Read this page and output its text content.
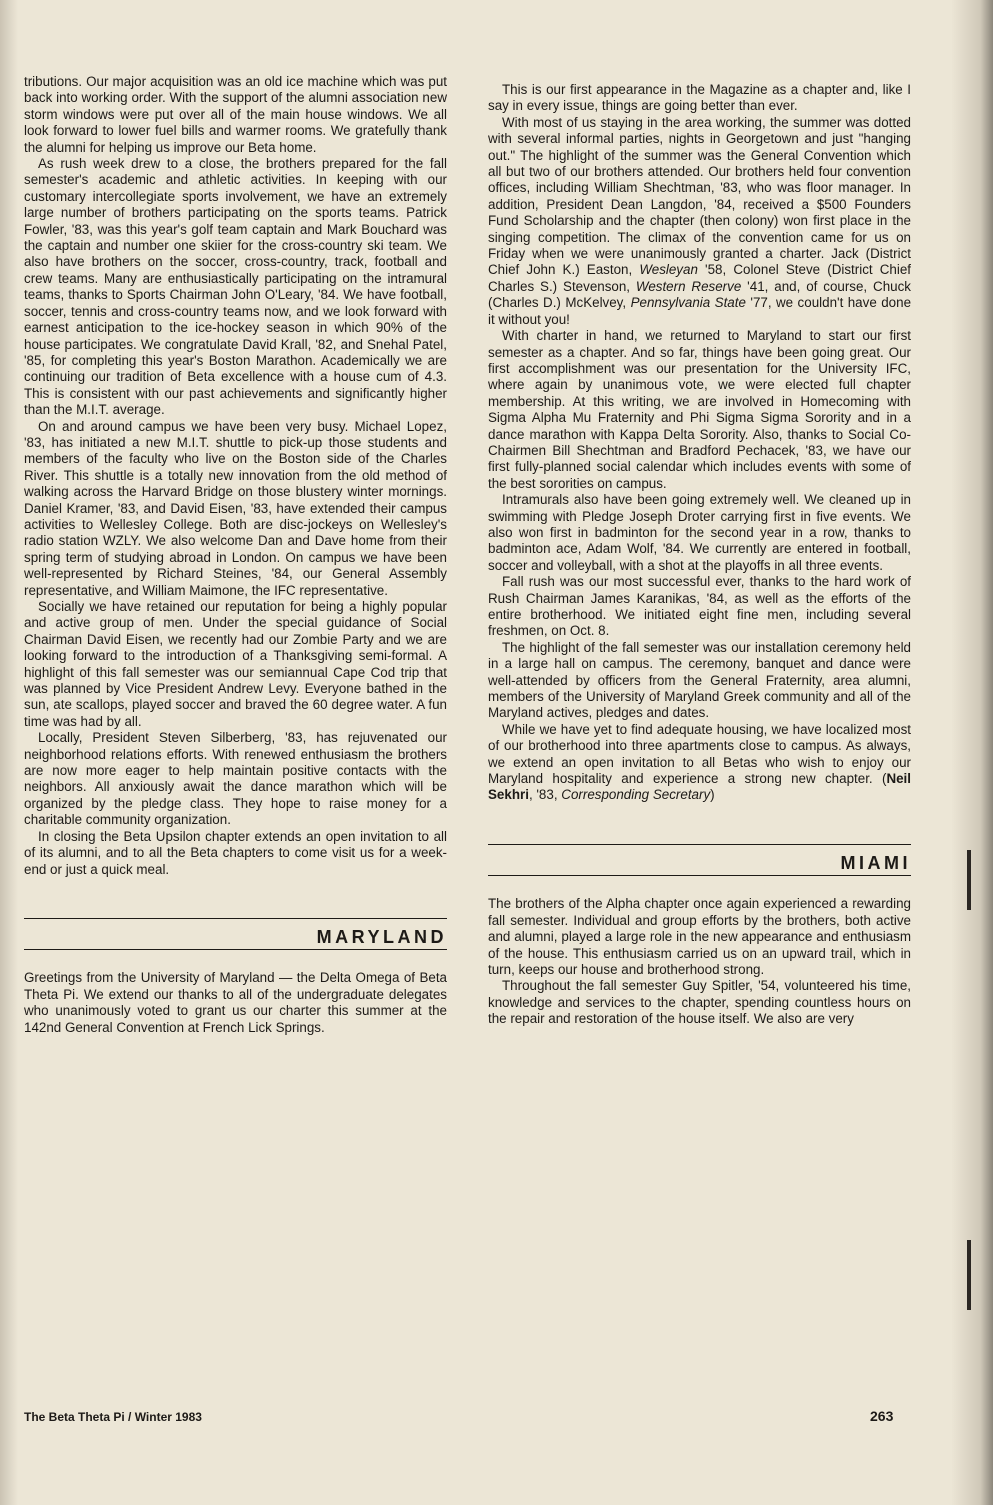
tributions. Our major acquisition was an old ice machine which was put back into working order. With the support of the alumni association new storm windows were put over all of the main house windows. We all look forward to lower fuel bills and warmer rooms. We gratefully thank the alumni for helping us improve our Beta home.

As rush week drew to a close, the brothers prepared for the fall semester's academic and athletic activities. In keeping with our customary intercollegiate sports involvement, we have an extremely large number of brothers participating on the sports teams. Patrick Fowler, '83, was this year's golf team captain and Mark Bouchard was the captain and number one skiier for the cross-country ski team. We also have brothers on the soccer, cross-country, track, football and crew teams. Many are enthusiastically participating on the intramural teams, thanks to Sports Chairman John O'Leary, '84. We have football, soccer, tennis and cross-country teams now, and we look forward with earnest anticipation to the ice-hockey season in which 90% of the house participates. We congratulate David Krall, '82, and Snehal Patel, '85, for completing this year's Boston Marathon. Academically we are continuing our tradition of Beta excellence with a house cum of 4.3. This is consistent with our past achievements and significantly higher than the M.I.T. average.

On and around campus we have been very busy. Michael Lopez, '83, has initiated a new M.I.T. shuttle to pick-up those students and members of the faculty who live on the Boston side of the Charles River. This shuttle is a totally new innovation from the old method of walking across the Harvard Bridge on those blustery winter mornings. Daniel Kramer, '83, and David Eisen, '83, have extended their campus activities to Wellesley College. Both are disc-jockeys on Wellesley's radio station WZLY. We also welcome Dan and Dave home from their spring term of studying abroad in London. On campus we have been well-represented by Richard Steines, '84, our General Assembly representative, and William Maimone, the IFC representative.

Socially we have retained our reputation for being a highly popular and active group of men. Under the special guidance of Social Chairman David Eisen, we recently had our Zombie Party and we are looking forward to the introduction of a Thanksgiving semi-formal. A highlight of this fall semester was our semiannual Cape Cod trip that was planned by Vice President Andrew Levy. Everyone bathed in the sun, ate scallops, played soccer and braved the 60 degree water. A fun time was had by all.

Locally, President Steven Silberberg, '83, has rejuvenated our neighborhood relations efforts. With renewed enthusiasm the brothers are now more eager to help maintain positive contacts with the neighbors. All anxiously await the dance marathon which will be organized by the pledge class. They hope to raise money for a charitable community organization.

In closing the Beta Upsilon chapter extends an open invitation to all of its alumni, and to all the Beta chapters to come visit us for a week-end or just a quick meal.

MARYLAND

Greetings from the University of Maryland — the Delta Omega of Beta Theta Pi. We extend our thanks to all of the undergraduate delegates who unanimously voted to grant us our charter this summer at the 142nd General Convention at French Lick Springs.

This is our first appearance in the Magazine as a chapter and, like I say in every issue, things are going better than ever.

With most of us staying in the area working, the summer was dotted with several informal parties, nights in Georgetown and just "hanging out." The highlight of the summer was the General Convention which all but two of our brothers attended. Our brothers held four convention offices, including William Shechtman, '83, who was floor manager. In addition, President Dean Langdon, '84, received a $500 Founders Fund Scholarship and the chapter (then colony) won first place in the singing competition. The climax of the convention came for us on Friday when we were unanimously granted a charter. Jack (District Chief John K.) Easton, Wesleyan '58, Colonel Steve (District Chief Charles S.) Stevenson, Western Reserve '41, and, of course, Chuck (Charles D.) McKelvey, Pennsylvania State '77, we couldn't have done it without you!

With charter in hand, we returned to Maryland to start our first semester as a chapter. And so far, things have been going great. Our first accomplishment was our presentation for the University IFC, where again by unanimous vote, we were elected full chapter membership. At this writing, we are involved in Homecoming with Sigma Alpha Mu Fraternity and Phi Sigma Sigma Sorority and in a dance marathon with Kappa Delta Sorority. Also, thanks to Social Co-Chairmen Bill Shechtman and Bradford Pechacek, '83, we have our first fully-planned social calendar which includes events with some of the best sororities on campus.

Intramurals also have been going extremely well. We cleaned up in swimming with Pledge Joseph Droter carrying first in five events. We also won first in badminton for the second year in a row, thanks to badminton ace, Adam Wolf, '84. We currently are entered in football, soccer and volleyball, with a shot at the playoffs in all three events.

Fall rush was our most successful ever, thanks to the hard work of Rush Chairman James Karanikas, '84, as well as the efforts of the entire brotherhood. We initiated eight fine men, including several freshmen, on Oct. 8.

The highlight of the fall semester was our installation ceremony held in a large hall on campus. The ceremony, banquet and dance were well-attended by officers from the General Fraternity, area alumni, members of the University of Maryland Greek community and all of the Maryland actives, pledges and dates.

While we have yet to find adequate housing, we have localized most of our brotherhood into three apartments close to campus. As always, we extend an open invitation to all Betas who wish to enjoy our Maryland hospitality and experience a strong new chapter. (Neil Sekhri, '83, Corresponding Secretary)

MIAMI

The brothers of the Alpha chapter once again experienced a rewarding fall semester. Individual and group efforts by the brothers, both active and alumni, played a large role in the new appearance and enthusiasm of the house. This enthusiasm carried us on an upward trail, which in turn, keeps our house and brotherhood strong.

Throughout the fall semester Guy Spitler, '54, volunteered his time, knowledge and services to the chapter, spending countless hours on the repair and restoration of the house itself. We also are very

The Beta Theta Pi / Winter 1983	263
